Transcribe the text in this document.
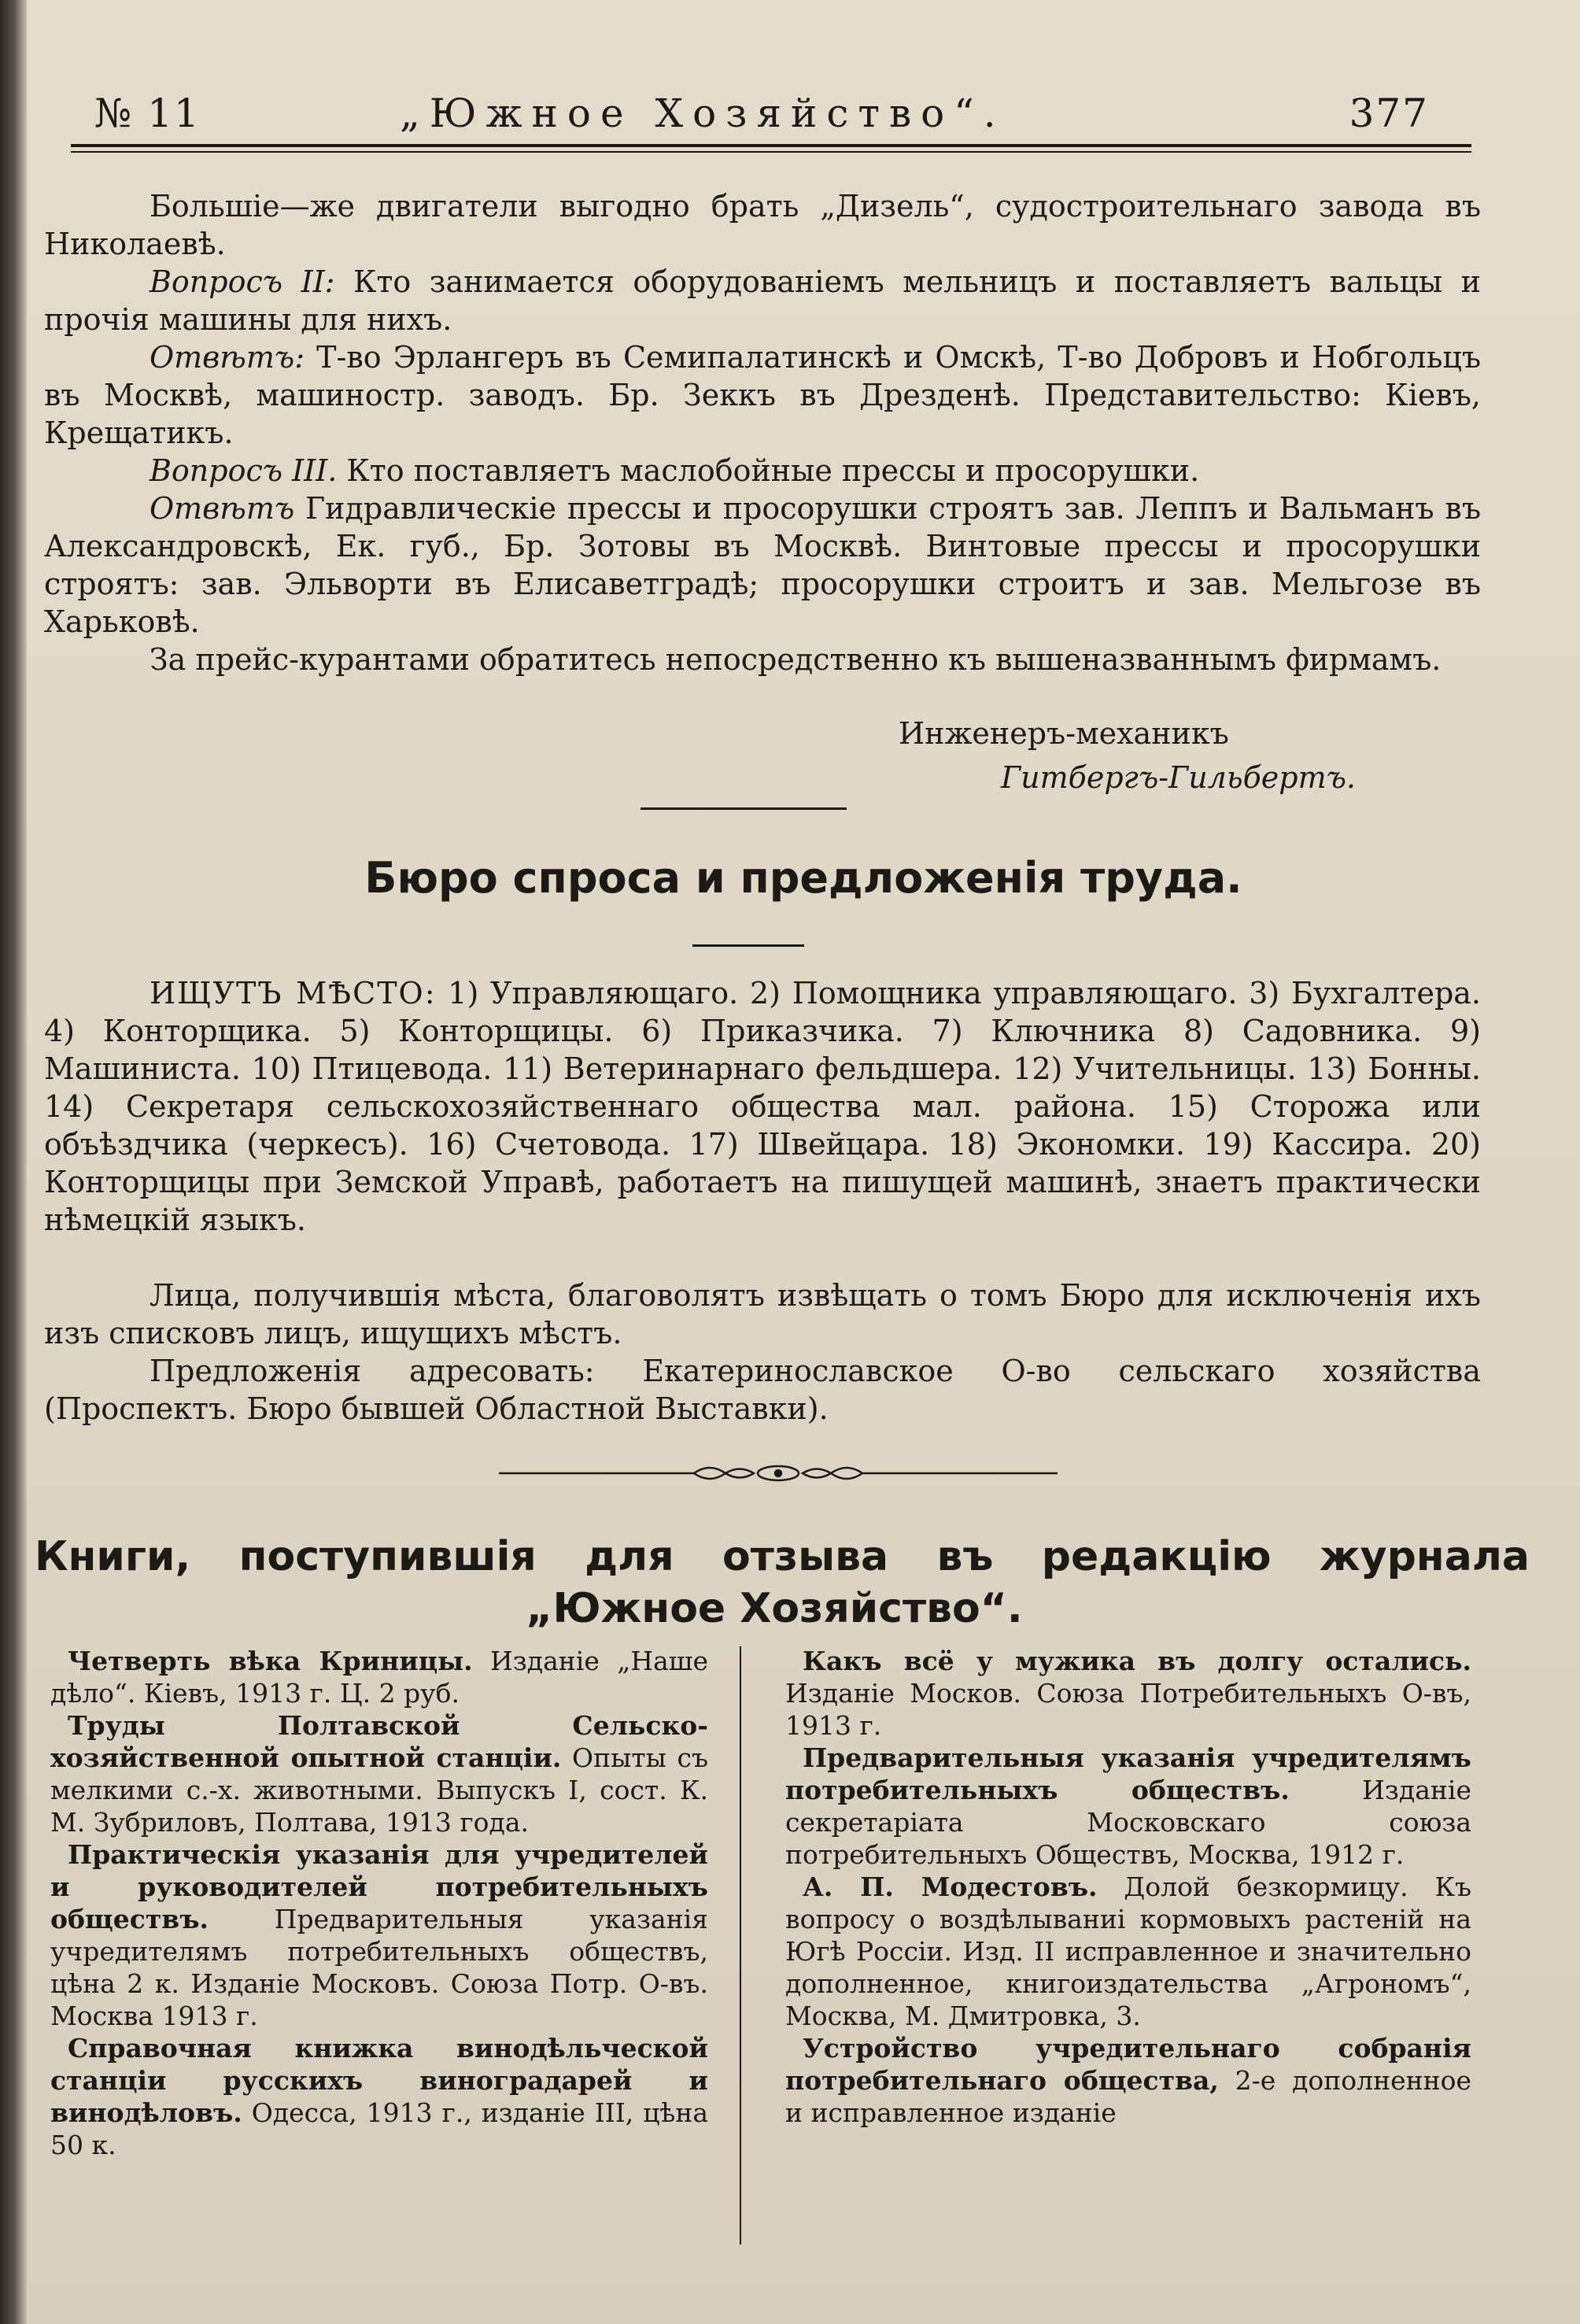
№ 11	„Южное Хозяйство“.	377

Большiе—же двигатели выгодно брать „Дизель“, судостроительнаго завода въ Николаевѣ.

Вопросъ II: Кто занимается оборудованiемъ мельницъ и поставляетъ вальцы и прочiя машины для нихъ.

Отвѣтъ: Т-во Эрлангеръ въ Семипалатинскѣ и Омскѣ, Т-во Добровъ и Нобгольцъ въ Москвѣ, машиностр. заводъ. Бр. Зеккъ въ Дрезденѣ. Представительство: Кiевъ, Крещатикъ.

Вопросъ III. Кто поставляетъ маслобойные прессы и просорушки.

Отвѣтъ Гидравлическiе прессы и просорушки строятъ зав. Леппъ и Вальманъ въ Александровскѣ, Ек. губ., Бр. Зотовы въ Москвѣ. Винтовые прессы и просорушки строятъ: зав. Эльворти въ Елисаветградѣ; просорушки строитъ и зав. Мельгозе въ Харьковѣ.

За прейс-курантами обратитесь непосредственно къ вышеназваннымъ фирмамъ.

Инженеръ-механикъ
Гитбергъ-Гильбертъ.
Бюро спроса и предложенiя труда.

ИЩУТЪ МѢСТО: 1) Управляющаго. 2) Помощника управляющаго. 3) Бухгалтера. 4) Конторщика. 5) Конторщицы. 6) Приказчика. 7) Ключника 8) Садовника. 9) Машиниста. 10) Птицевода. 11) Ветеринарнаго фельдшера. 12) Учительницы. 13) Бонны. 14) Секретаря сельскохозяйственнаго общества мал. района. 15) Сторожа или объѣздчика (черкесъ). 16) Счетовода. 17) Швейцара. 18) Экономки. 19) Кассира. 20) Конторщицы при Земской Управѣ, работаетъ на пишущей машинѣ, знаетъ практически нѣмецкiй языкъ.

Лица, получившiя мѣста, благоволятъ извѣщать о томъ Бюро для исключенiя ихъ изъ списковъ лицъ, ищущихъ мѣстъ.

Предложенiя адресовать: Екатеринославское О-во сельскаго хозяйства (Проспектъ. Бюро бывшей Областной Выставки).

Книги, поступившiя для отзыва въ редакцiю журнала
„Южное Хозяйство“.

Четверть вѣка Криницы. Изданiе „Наше дѣло“. Кiевъ, 1913 г. Ц. 2 руб.

Труды Полтавской Сельско-хозяйственной опытной станцiи. Опыты съ мелкими с.-х. животными. Выпускъ I, сост. К. М. Зубриловъ, Полтава, 1913 года.

Практическiя указанiя для учредителей и руководителей потребительныхъ обществъ. Предварительныя указанiя учредителямъ потребительныхъ обществъ, цѣна 2 к. Изданiе Московъ. Союза Потр. О-въ. Москва 1913 г.

Справочная книжка винодѣльческой станцiи русскихъ виноградарей и винодѣловъ. Одесса, 1913 г., изданiе III, цѣна 50 к.

Какъ всё у мужика въ долгу остались. Изданiе Москов. Союза Потребительныхъ О-въ, 1913 г.

Предварительныя указанiя учредителямъ потребительныхъ обществъ. Изданiе секретарiата Московскаго союза потребительныхъ Обществъ, Москва, 1912 г.

А. П. Модестовъ. Долой безкормицу. Къ вопросу о воздѣлываниi кормовыхъ растенiй на Югѣ Россiи. Изд. II исправленное и значительно дополненное, книгоиздательства „Агрономъ“, Москва, М. Дмитровка, 3.

Устройство учредительнаго собранiя потребительнаго общества, 2-е дополненное и исправленное изданiе
